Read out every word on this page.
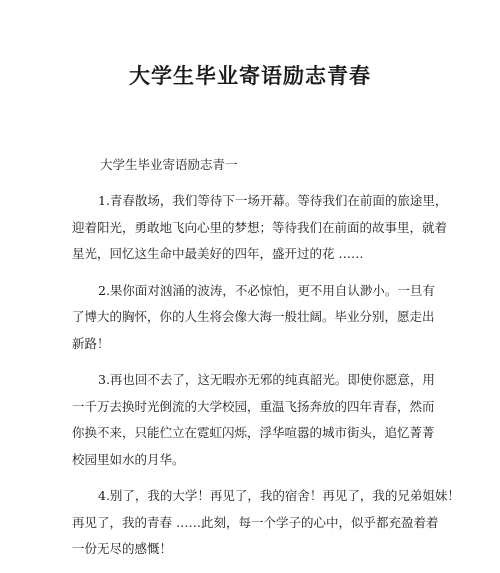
大学生毕业寄语励志青春

大学生毕业寄语励志青一

1.青春散场，我们等待下一场开幕。等待我们在前面的旅途里，
迎着阳光，勇敢地飞向心里的梦想；等待我们在前面的故事里，就着
星光，回忆这生命中最美好的四年，盛开过的花 ……

2.果你面对汹涌的波涛，不必惊怕，更不用自认渺小。一旦有
了博大的胸怀，你的人生将会像大海一般壮阔。毕业分别，愿走出
新路！

3.再也回不去了，这无暇亦无邪的纯真韶光。即使你愿意，用
一千万去换时光倒流的大学校园，重温飞扬奔放的四年青春，然而
你换不来，只能伫立在霓虹闪烁，浮华喧嚣的城市街头，追忆菁菁
校园里如水的月华。

4.别了，我的大学！再见了，我的宿舍！再见了，我的兄弟姐妹！
再见了，我的青春 ……此刻，每一个学子的心中，似乎都充盈着着
一份无尽的感慨！
